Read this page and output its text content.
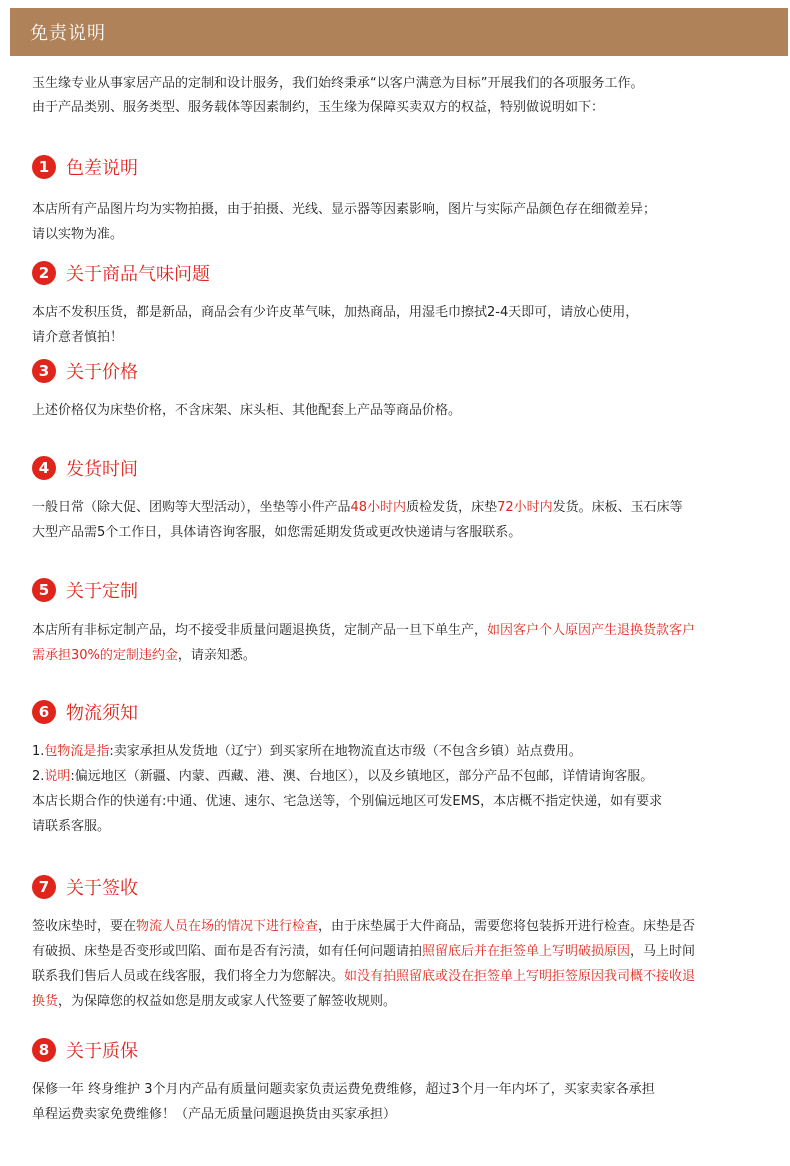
免责说明

玉生缘专业从事家居产品的定制和设计服务，我们始终秉承“以客户满意为目标”开展我们的各项服务工作。

由于产品类别、服务类型、服务载体等因素制约，玉生缘为保障买卖双方的权益，特别做说明如下：

1 色差说明

本店所有产品图片均为实物拍摄，由于拍摄、光线、显示器等因素影响，图片与实际产品颜色存在细微差异；

请以实物为准。

2 关于商品气味问题

本店不发积压货，都是新品，商品会有少许皮革气味，加热商品，用湿毛巾擦拭2-4天即可，请放心使用，

请介意者慎拍！

3 关于价格

上述价格仅为床垫价格，不含床架、床头柜、其他配套上产品等商品价格。

4 发货时间

一般日常（除大促、团购等大型活动），坐垫等小件产品48小时内质检发货，床垫72小时内发货。床板、玉石床等

大型产品需5个工作日，具体请咨询客服，如您需延期发货或更改快递请与客服联系。

5 关于定制

本店所有非标定制产品，均不接受非质量问题退换货，定制产品一旦下单生产，如因客户个人原因产生退换货款客户

需承担30%的定制违约金，请亲知悉。

6 物流须知

1.包物流是指:卖家承担从发货地（辽宁）到买家所在地物流直达市级（不包含乡镇）站点费用。

2.说明:偏远地区（新疆、内蒙、西藏、港、澳、台地区），以及乡镇地区，部分产品不包邮，详情请询客服。

本店长期合作的快递有:中通、优速、速尔、宅急送等，个别偏远地区可发EMS，本店概不指定快递，如有要求

请联系客服。

7 关于签收

签收床垫时，要在物流人员在场的情况下进行检查，由于床垫属于大件商品，需要您将包装拆开进行检查。床垫是否

有破损、床垫是否变形或凹陷、面布是否有污渍，如有任何问题请拍照留底后并在拒签单上写明破损原因，马上时间

联系我们售后人员或在线客服，我们将全力为您解决。如没有拍照留底或没在拒签单上写明拒签原因我司概不接收退

换货，为保障您的权益如您是朋友或家人代签要了解签收规则。

8 关于质保

保修一年 终身维护 3个月内产品有质量问题卖家负责运费免费维修，超过3个月一年内坏了，买家卖家各承担

单程运费卖家免费维修！（产品无质量问题退换货由买家承担）
